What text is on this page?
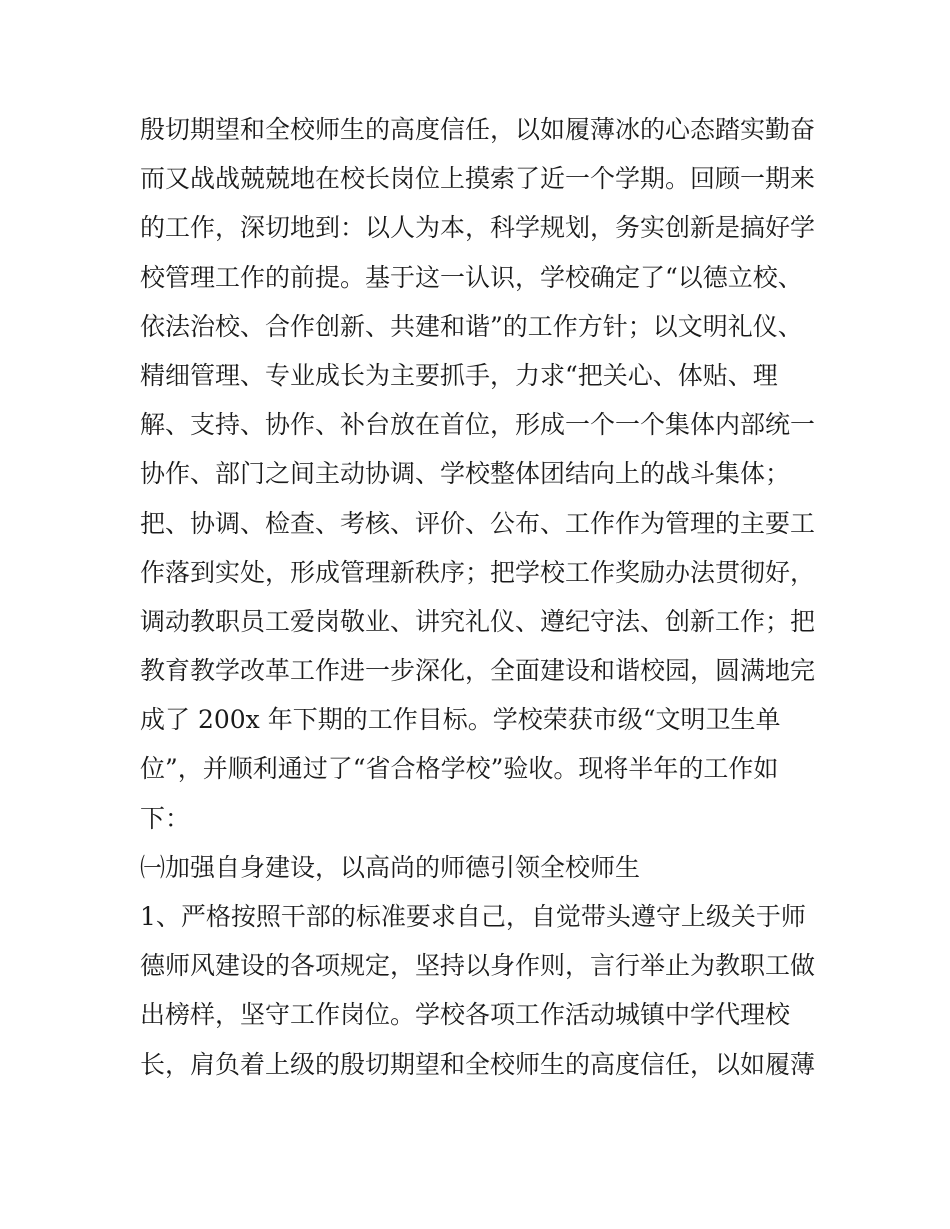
殷切期望和全校师生的高度信任，以如履薄冰的心态踏实勤奋
而又战战兢兢地在校长岗位上摸索了近一个学期。回顾一期来
的工作，深切地到：以人为本，科学规划，务实创新是搞好学
校管理工作的前提。基于这一认识，学校确定了“以德立校、
依法治校、合作创新、共建和谐”的工作方针；以文明礼仪、
精细管理、专业成长为主要抓手，力求“把关心、体贴、理
解、支持、协作、补台放在首位，形成一个一个集体内部统一
协作、部门之间主动协调、学校整体团结向上的战斗集体；
把、协调、检查、考核、评价、公布、工作作为管理的主要工
作落到实处，形成管理新秩序；把学校工作奖励办法贯彻好，
调动教职员工爱岗敬业、讲究礼仪、遵纪守法、创新工作；把
教育教学改革工作进一步深化，全面建设和谐校园，圆满地完
成了 200x 年下期的工作目标。学校荣获市级“文明卫生单
位”，并顺利通过了“省合格学校”验收。现将半年的工作如
下：
㈠加强自身建设，以高尚的师德引领全校师生
1、严格按照干部的标准要求自己，自觉带头遵守上级关于师
德师风建设的各项规定，坚持以身作则，言行举止为教职工做
出榜样，坚守工作岗位。学校各项工作活动城镇中学代理校
长，肩负着上级的殷切期望和全校师生的高度信任，以如履薄
